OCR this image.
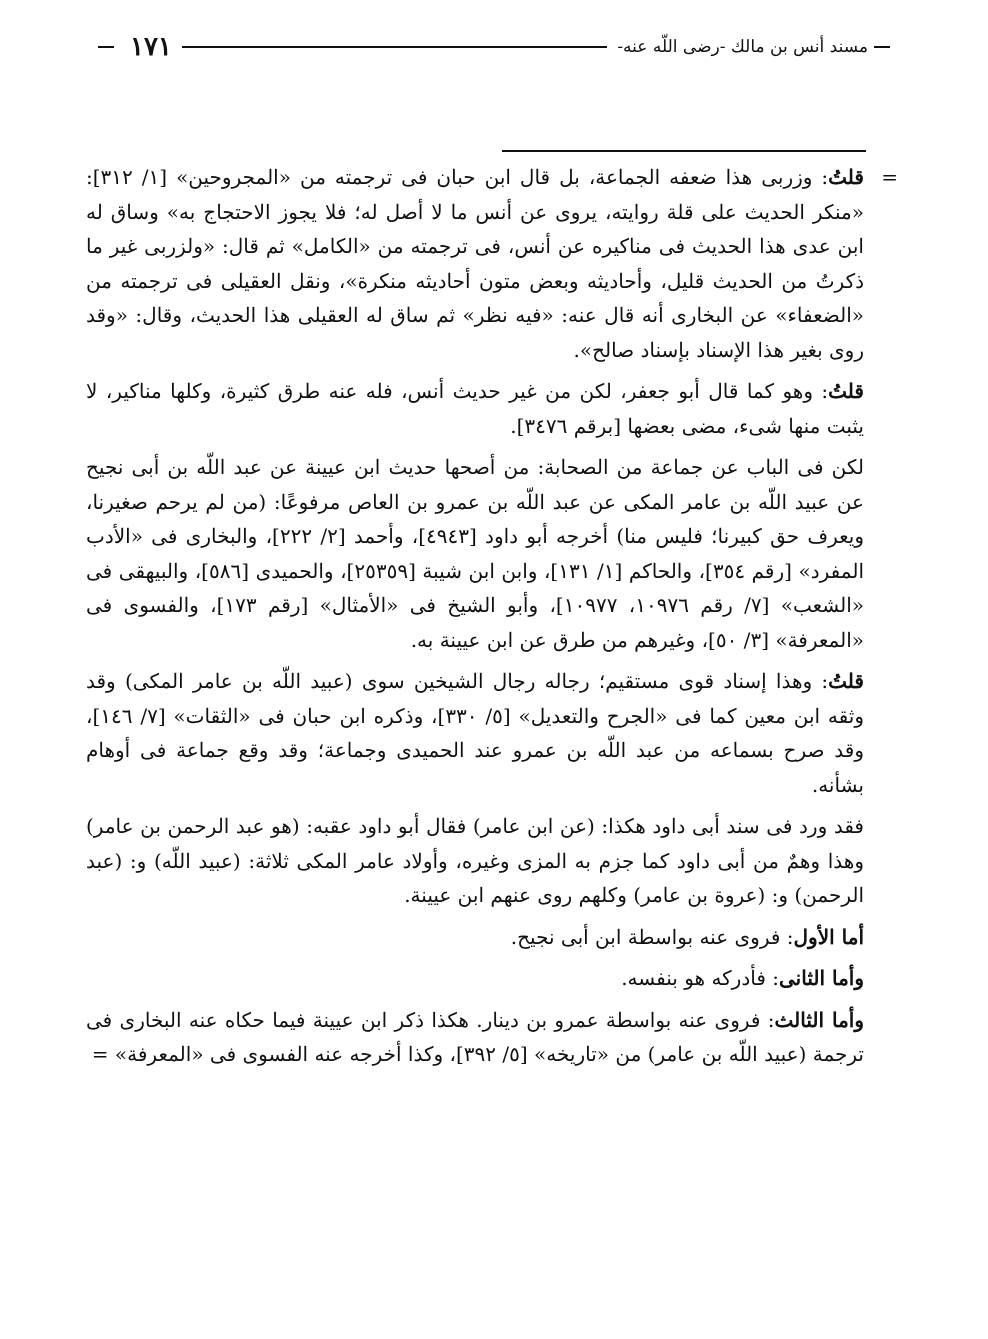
مسند أنس بن مالك -رضى اللّه عنه-
١٧١

=
قلتُ: وزربى هذا ضعفه الجماعة، بل قال ابن حبان فى ترجمته من «المجروحين» [١/ ٣١٢]: «منكر الحديث على قلة روايته، يروى عن أنس ما لا أصل له؛ فلا يجوز الاحتجاج به» وساق له ابن عدى هذا الحديث فى مناكيره عن أنس، فى ترجمته من «الكامل» ثم قال: «ولزربى غير ما ذكرتُ من الحديث قليل، وأحاديثه وبعض متون أحاديثه منكرة»، ونقل العقيلى فى ترجمته من «الضعفاء» عن البخارى أنه قال عنه: «فيه نظر» ثم ساق له العقيلى هذا الحديث، وقال: «وقد روى بغير هذا الإسناد بإسناد صالح».

قلتُ: وهو كما قال أبو جعفر، لكن من غير حديث أنس، فله عنه طرق كثيرة، وكلها مناكير، لا يثبت منها شىء، مضى بعضها [برقم ٣٤٧٦].

لكن فى الباب عن جماعة من الصحابة: من أصحها حديث ابن عيينة عن عبد اللّه بن أبى نجيح عن عبيد اللّه بن عامر المكى عن عبد اللّه بن عمرو بن العاص مرفوعًا: (من لم يرحم صغيرنا، ويعرف حق كبيرنا؛ فليس منا) أخرجه أبو داود [٤٩٤٣]، وأحمد [٢/ ٢٢٢]، والبخارى فى «الأدب المفرد» [رقم ٣٥٤]، والحاكم [١/ ١٣١]، وابن ابن شيبة [٢٥٣٥٩]، والحميدى [٥٨٦]، والبيهقى فى «الشعب» [٧/ رقم ١٠٩٧٦، ١٠٩٧٧]، وأبو الشيخ فى «الأمثال» [رقم ١٧٣]، والفسوى فى «المعرفة» [٣/ ٥٠]، وغيرهم من طرق عن ابن عيينة به.

قلتُ: وهذا إسناد قوى مستقيم؛ رجاله رجال الشيخين سوى (عبيد اللّه بن عامر المكى) وقد وثقه ابن معين كما فى «الجرح والتعديل» [٥/ ٣٣٠]، وذكره ابن حبان فى «الثقات» [٧/ ١٤٦]، وقد صرح بسماعه من عبد اللّه بن عمرو عند الحميدى وجماعة؛ وقد وقع جماعة فى أوهام بشأنه.

فقد ورد فى سند أبى داود هكذا: (عن ابن عامر) فقال أبو داود عقبه: (هو عبد الرحمن بن عامر) وهذا وهمٌ من أبى داود كما جزم به المزى وغيره، وأولاد عامر المكى ثلاثة: (عبيد اللّه) و: (عبد الرحمن) و: (عروة بن عامر) وكلهم روى عنهم ابن عيينة.

أما الأول: فروى عنه بواسطة ابن أبى نجيح.

وأما الثانى: فأدركه هو بنفسه.

وأما الثالث: فروى عنه بواسطة عمرو بن دينار. هكذا ذكر ابن عيينة فيما حكاه عنه البخارى فى ترجمة (عبيد اللّه بن عامر) من «تاريخه» [٥/ ٣٩٢]، وكذا أخرجه عنه الفسوى فى «المعرفة» =
